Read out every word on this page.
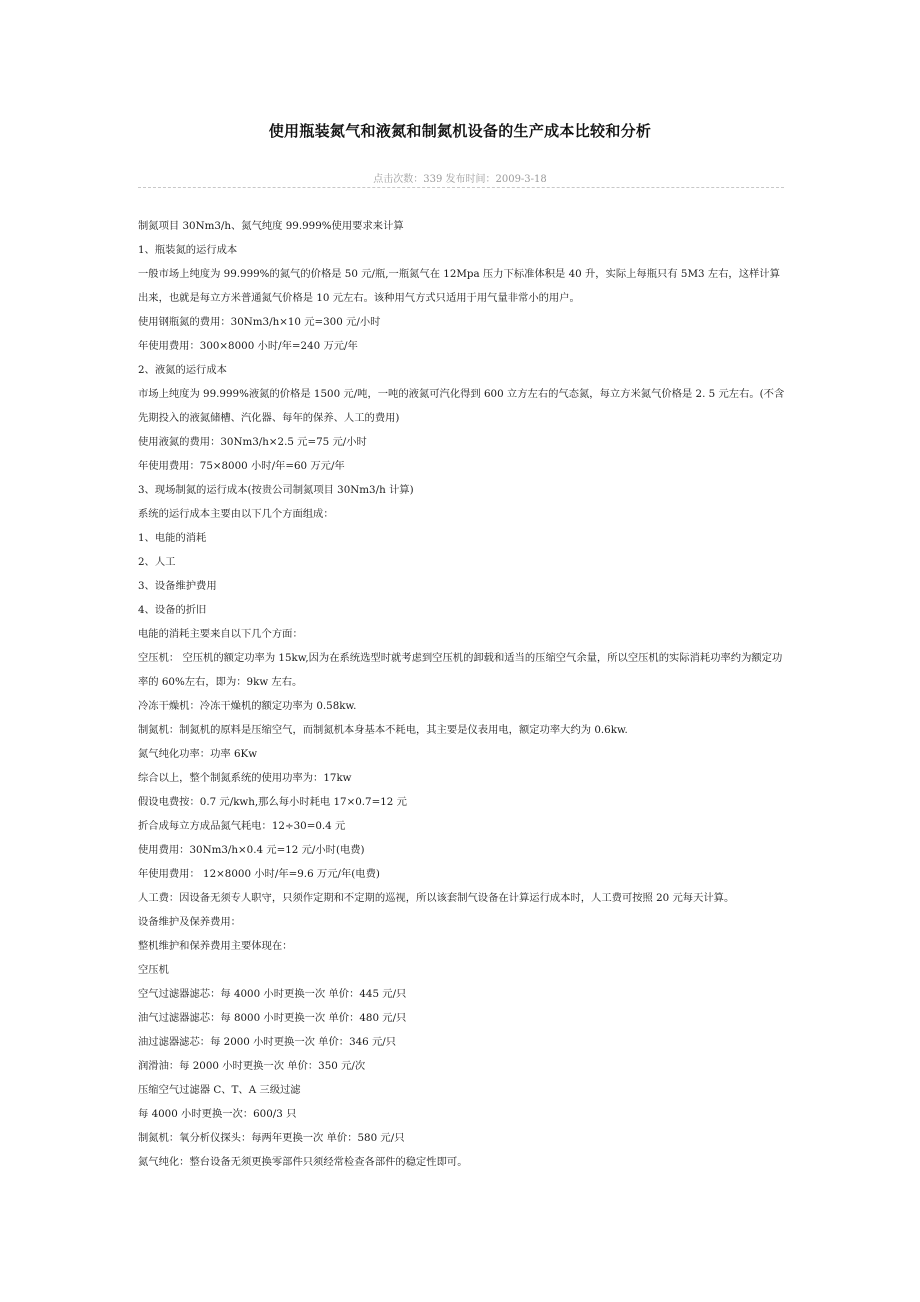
使用瓶装氮气和液氮和制氮机设备的生产成本比较和分析
点击次数：339 发布时间：2009-3-18

制氮项目 30Nm3/h、氮气纯度 99.999%使用要求来计算

1、瓶装氮的运行成本

一般市场上纯度为 99.999%的氮气的价格是 50 元/瓶,一瓶氮气在 12Mpa 压力下标准体积是 40 升，实际上每瓶只有 5M3 左右，这样计算出来，也就是每立方米普通氮气价格是 10 元左右。该种用气方式只适用于用气量非常小的用户。

使用钢瓶氮的费用：30Nm3/h×10 元=300 元/小时

年使用费用：300×8000 小时/年=240 万元/年

2、液氮的运行成本

市场上纯度为 99.999%液氮的价格是 1500 元/吨，一吨的液氮可汽化得到 600 立方左右的气态氮，每立方米氮气价格是 2. 5 元左右。(不含先期投入的液氮储槽、汽化器、每年的保养、人工的费用)

使用液氮的费用：30Nm3/h×2.5 元=75 元/小时

年使用费用：75×8000 小时/年=60 万元/年

3、现场制氮的运行成本(按贵公司制氮项目 30Nm3/h 计算)

系统的运行成本主要由以下几个方面组成：

1、电能的消耗

2、人工

3、设备维护费用

4、设备的折旧

电能的消耗主要来自以下几个方面：

空压机： 空压机的额定功率为 15kw,因为在系统选型时就考虑到空压机的卸载和适当的压缩空气余量，所以空压机的实际消耗功率约为额定功率的 60%左右，即为：9kw 左右。

冷冻干燥机：冷冻干燥机的额定功率为 0.58kw.

制氮机：制氮机的原料是压缩空气，而制氮机本身基本不耗电，其主要是仪表用电，额定功率大约为 0.6kw.

氮气纯化功率：功率 6Kw

综合以上，整个制氮系统的使用功率为：17kw

假设电费按：0.7 元/kwh,那么每小时耗电 17×0.7=12 元

折合成每立方成品氮气耗电：12÷30=0.4 元

使用费用：30Nm3/h×0.4 元=12 元/小时(电费)

年使用费用： 12×8000 小时/年=9.6 万元/年(电费)

人工费：因设备无须专人职守，只须作定期和不定期的巡视，所以该套制气设备在计算运行成本时，人工费可按照 20 元每天计算。

设备维护及保养费用：

整机维护和保养费用主要体现在：

空压机

空气过滤器滤芯：每 4000 小时更换一次 单价：445 元/只

油气过滤器滤芯：每 8000 小时更换一次 单价：480 元/只

油过滤器滤芯：每 2000 小时更换一次 单价：346 元/只

润滑油：每 2000 小时更换一次 单价：350 元/次

压缩空气过滤器 C、T、A 三级过滤

每 4000 小时更换一次：600/3 只

制氮机：氧分析仪探头：每两年更换一次 单价：580 元/只

氮气纯化：整台设备无须更换零部件只须经常检查各部件的稳定性即可。
